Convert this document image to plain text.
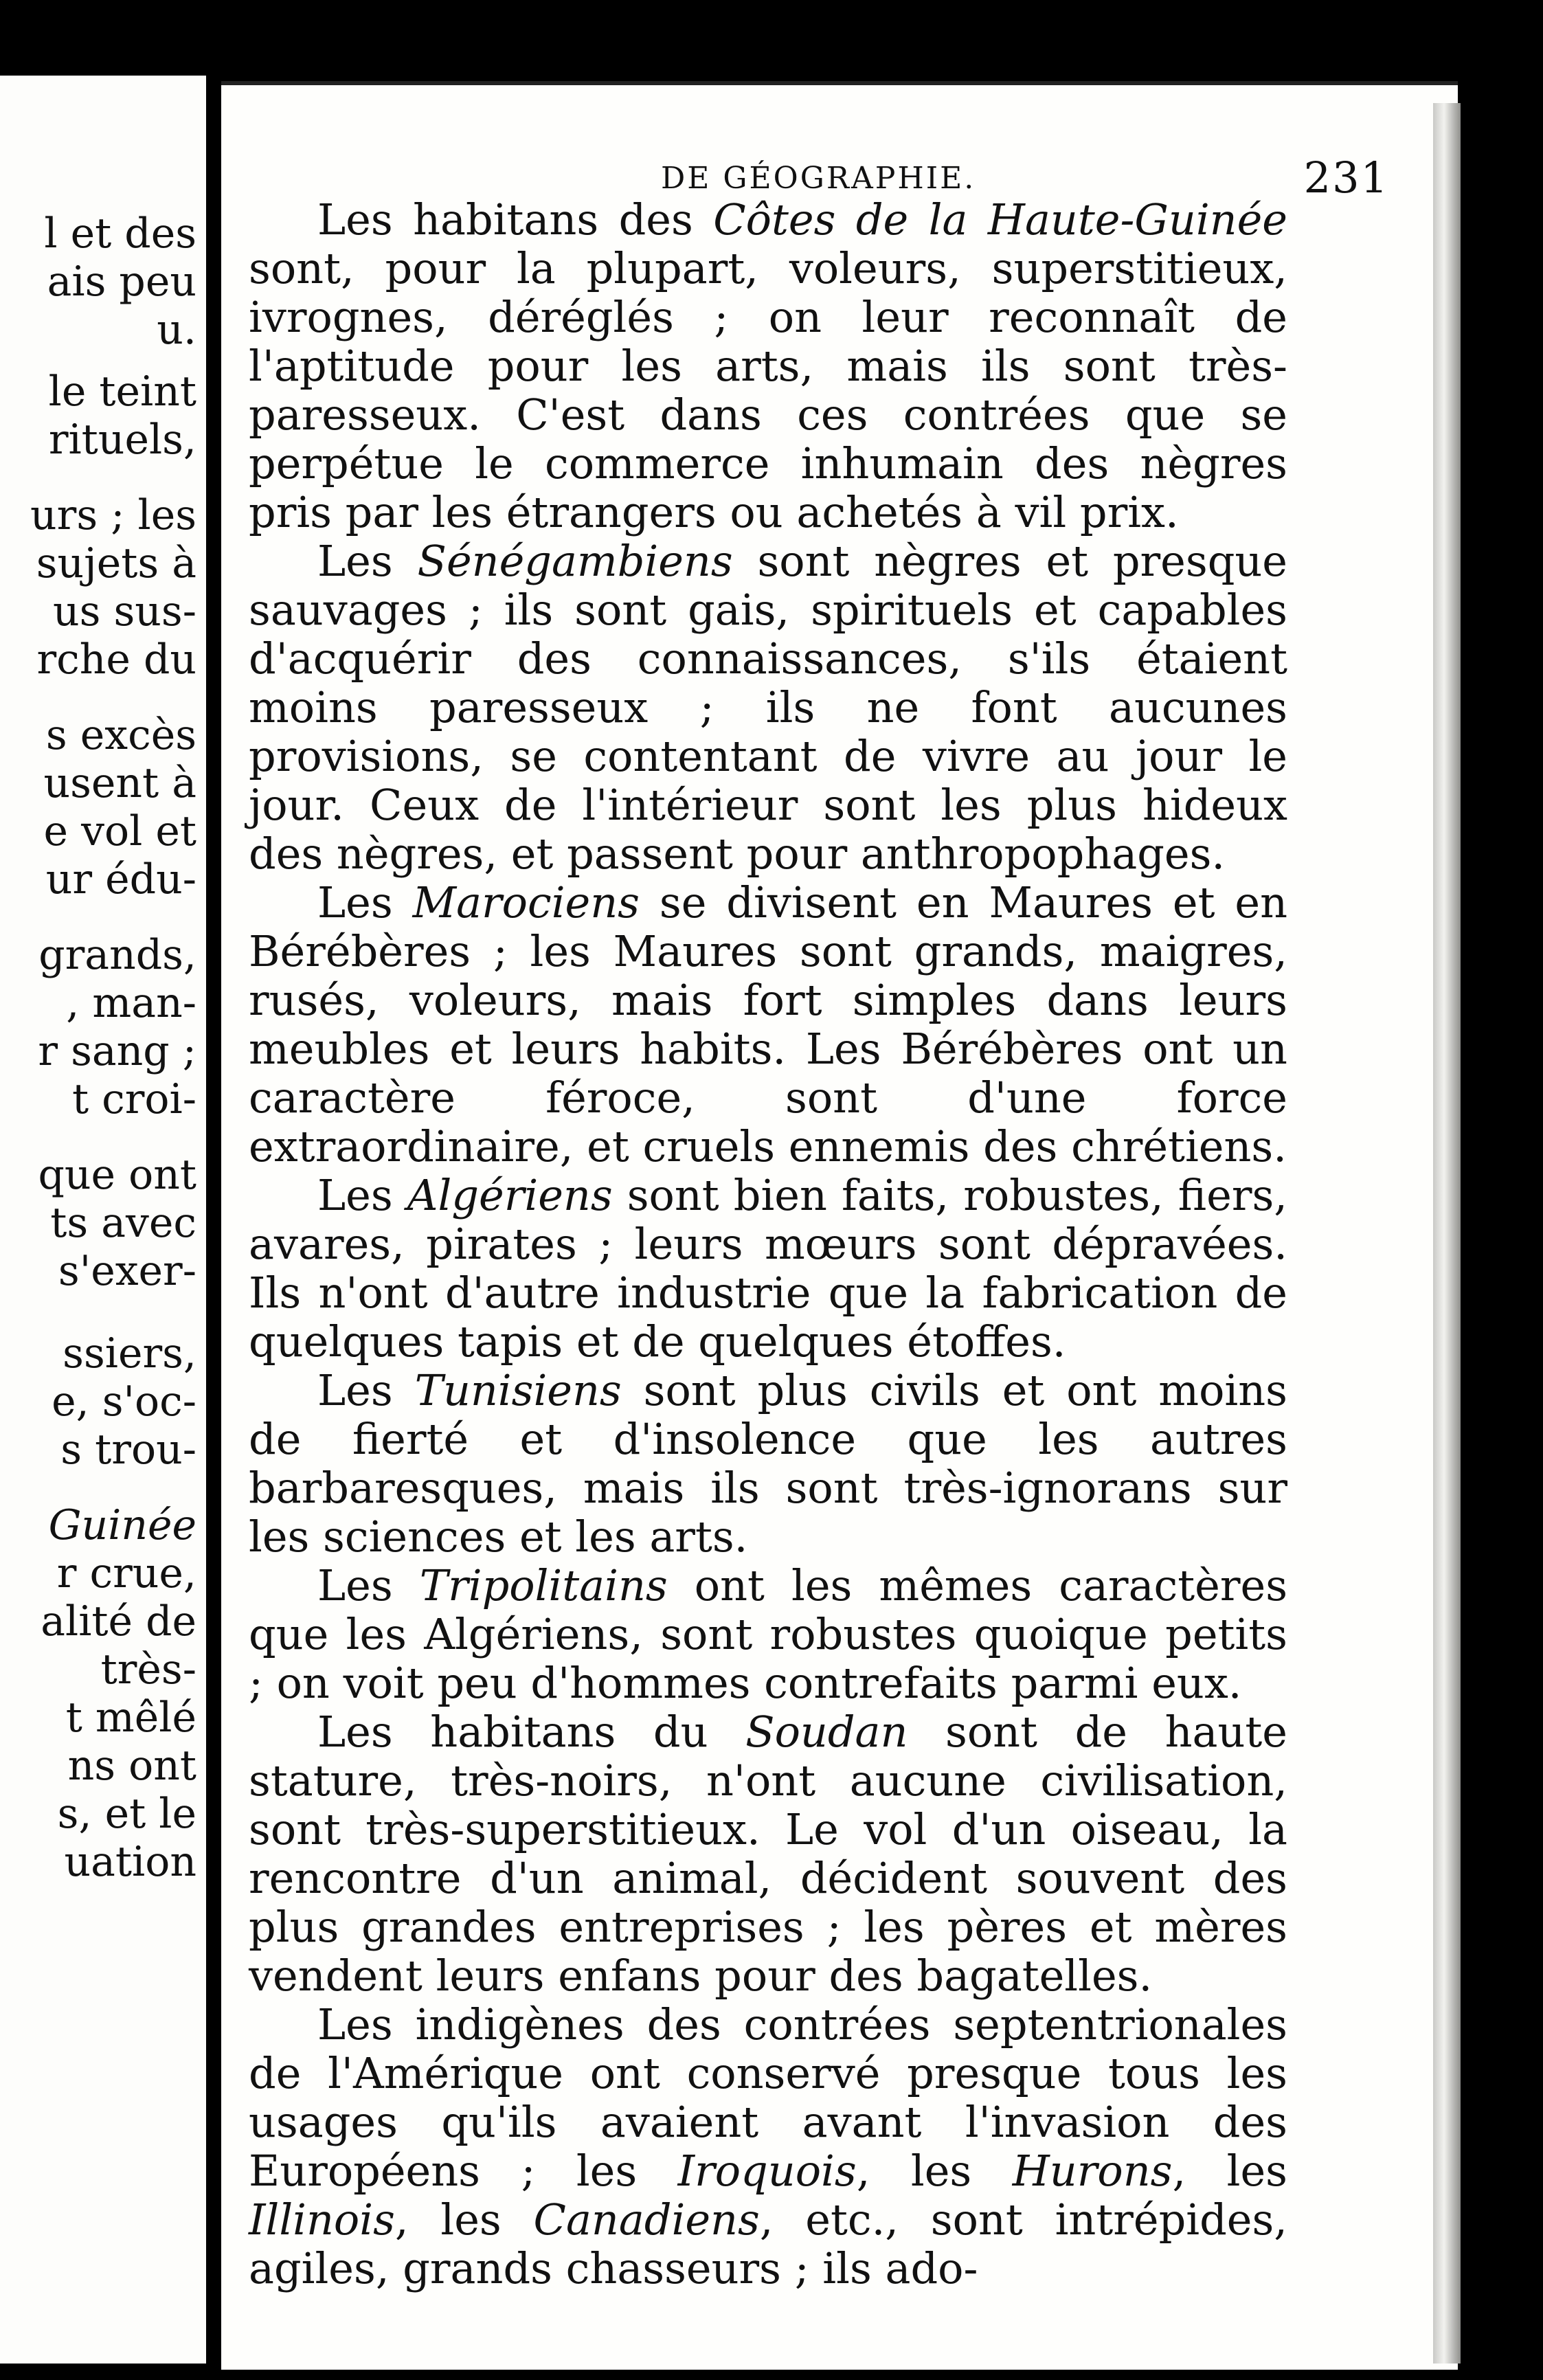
l et des
ais peu
u.
le teint
rituels,
urs ; les
sujets à
us sus-
rche du
s excès
usent à
e vol et
ur édu-
grands,
, man-
r sang ;
t croi-
que ont
ts avec
s'exer-
ssiers,
e, s'oc-
s trou-
Guinée
r crue,
alité de
très-
t mêlé
ns ont
s, et le
uation
DE GÉOGRAPHIE.	231

Les habitans des Côtes de la Haute-Guinée sont, pour la plupart, voleurs, superstitieux, ivrognes, déréglés ; on leur reconnaît de l'aptitude pour les arts, mais ils sont très-paresseux. C'est dans ces contrées que se perpétue le commerce inhumain des nègres pris par les étrangers ou achetés à vil prix.

Les Sénégambiens sont nègres et presque sauvages ; ils sont gais, spirituels et capables d'acquérir des connaissances, s'ils étaient moins paresseux ; ils ne font aucunes provisions, se contentant de vivre au jour le jour. Ceux de l'intérieur sont les plus hideux des nègres, et passent pour anthropophages.

Les Marociens se divisent en Maures et en Bérébères ; les Maures sont grands, maigres, rusés, voleurs, mais fort simples dans leurs meubles et leurs habits. Les Bérébères ont un caractère féroce, sont d'une force extraordinaire, et cruels ennemis des chrétiens.

Les Algériens sont bien faits, robustes, fiers, avares, pirates ; leurs mœurs sont dépravées. Ils n'ont d'autre industrie que la fabrication de quelques tapis et de quelques étoffes.

Les Tunisiens sont plus civils et ont moins de fierté et d'insolence que les autres barbaresques, mais ils sont très-ignorans sur les sciences et les arts.

Les Tripolitains ont les mêmes caractères que les Algériens, sont robustes quoique petits ; on voit peu d'hommes contrefaits parmi eux.

Les habitans du Soudan sont de haute stature, très-noirs, n'ont aucune civilisation, sont très-superstitieux. Le vol d'un oiseau, la rencontre d'un animal, décident souvent des plus grandes entreprises ; les pères et mères vendent leurs enfans pour des bagatelles.

Les indigènes des contrées septentrionales de l'Amérique ont conservé presque tous les usages qu'ils avaient avant l'invasion des Européens ; les Iroquois, les Hurons, les Illinois, les Canadiens, etc., sont intrépides, agiles, grands chasseurs ; ils ado-
